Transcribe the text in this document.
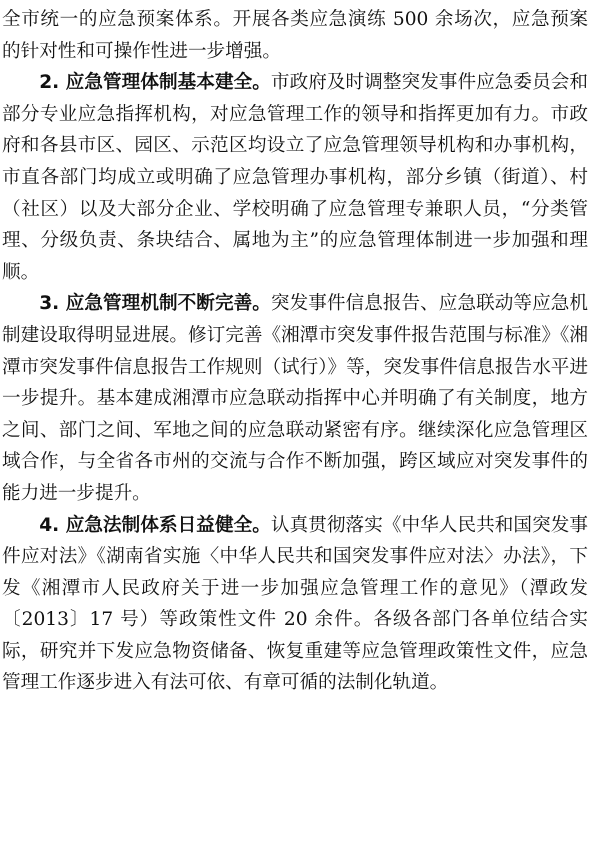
全市统一的应急预案体系。开展各类应急演练 500 余场次，应急预案的针对性和可操作性进一步增强。

2. 应急管理体制基本建全。市政府及时调整突发事件应急委员会和部分专业应急指挥机构，对应急管理工作的领导和指挥更加有力。市政府和各县市区、园区、示范区均设立了应急管理领导机构和办事机构，市直各部门均成立或明确了应急管理办事机构，部分乡镇（街道）、村（社区）以及大部分企业、学校明确了应急管理专兼职人员，“分类管理、分级负责、条块结合、属地为主”的应急管理体制进一步加强和理顺。

3. 应急管理机制不断完善。突发事件信息报告、应急联动等应急机制建设取得明显进展。修订完善《湘潭市突发事件报告范围与标准》《湘潭市突发事件信息报告工作规则（试行）》等，突发事件信息报告水平进一步提升。基本建成湘潭市应急联动指挥中心并明确了有关制度，地方之间、部门之间、军地之间的应急联动紧密有序。继续深化应急管理区域合作，与全省各市州的交流与合作不断加强，跨区域应对突发事件的能力进一步提升。

4. 应急法制体系日益健全。认真贯彻落实《中华人民共和国突发事件应对法》《湖南省实施〈中华人民共和国突发事件应对法〉办法》，下发《湘潭市人民政府关于进一步加强应急管理工作的意见》（潭政发〔2013〕17 号）等政策性文件 20 余件。各级各部门各单位结合实际，研究并下发应急物资储备、恢复重建等应急管理政策性文件，应急管理工作逐步进入有法可依、有章可循的法制化轨道。
